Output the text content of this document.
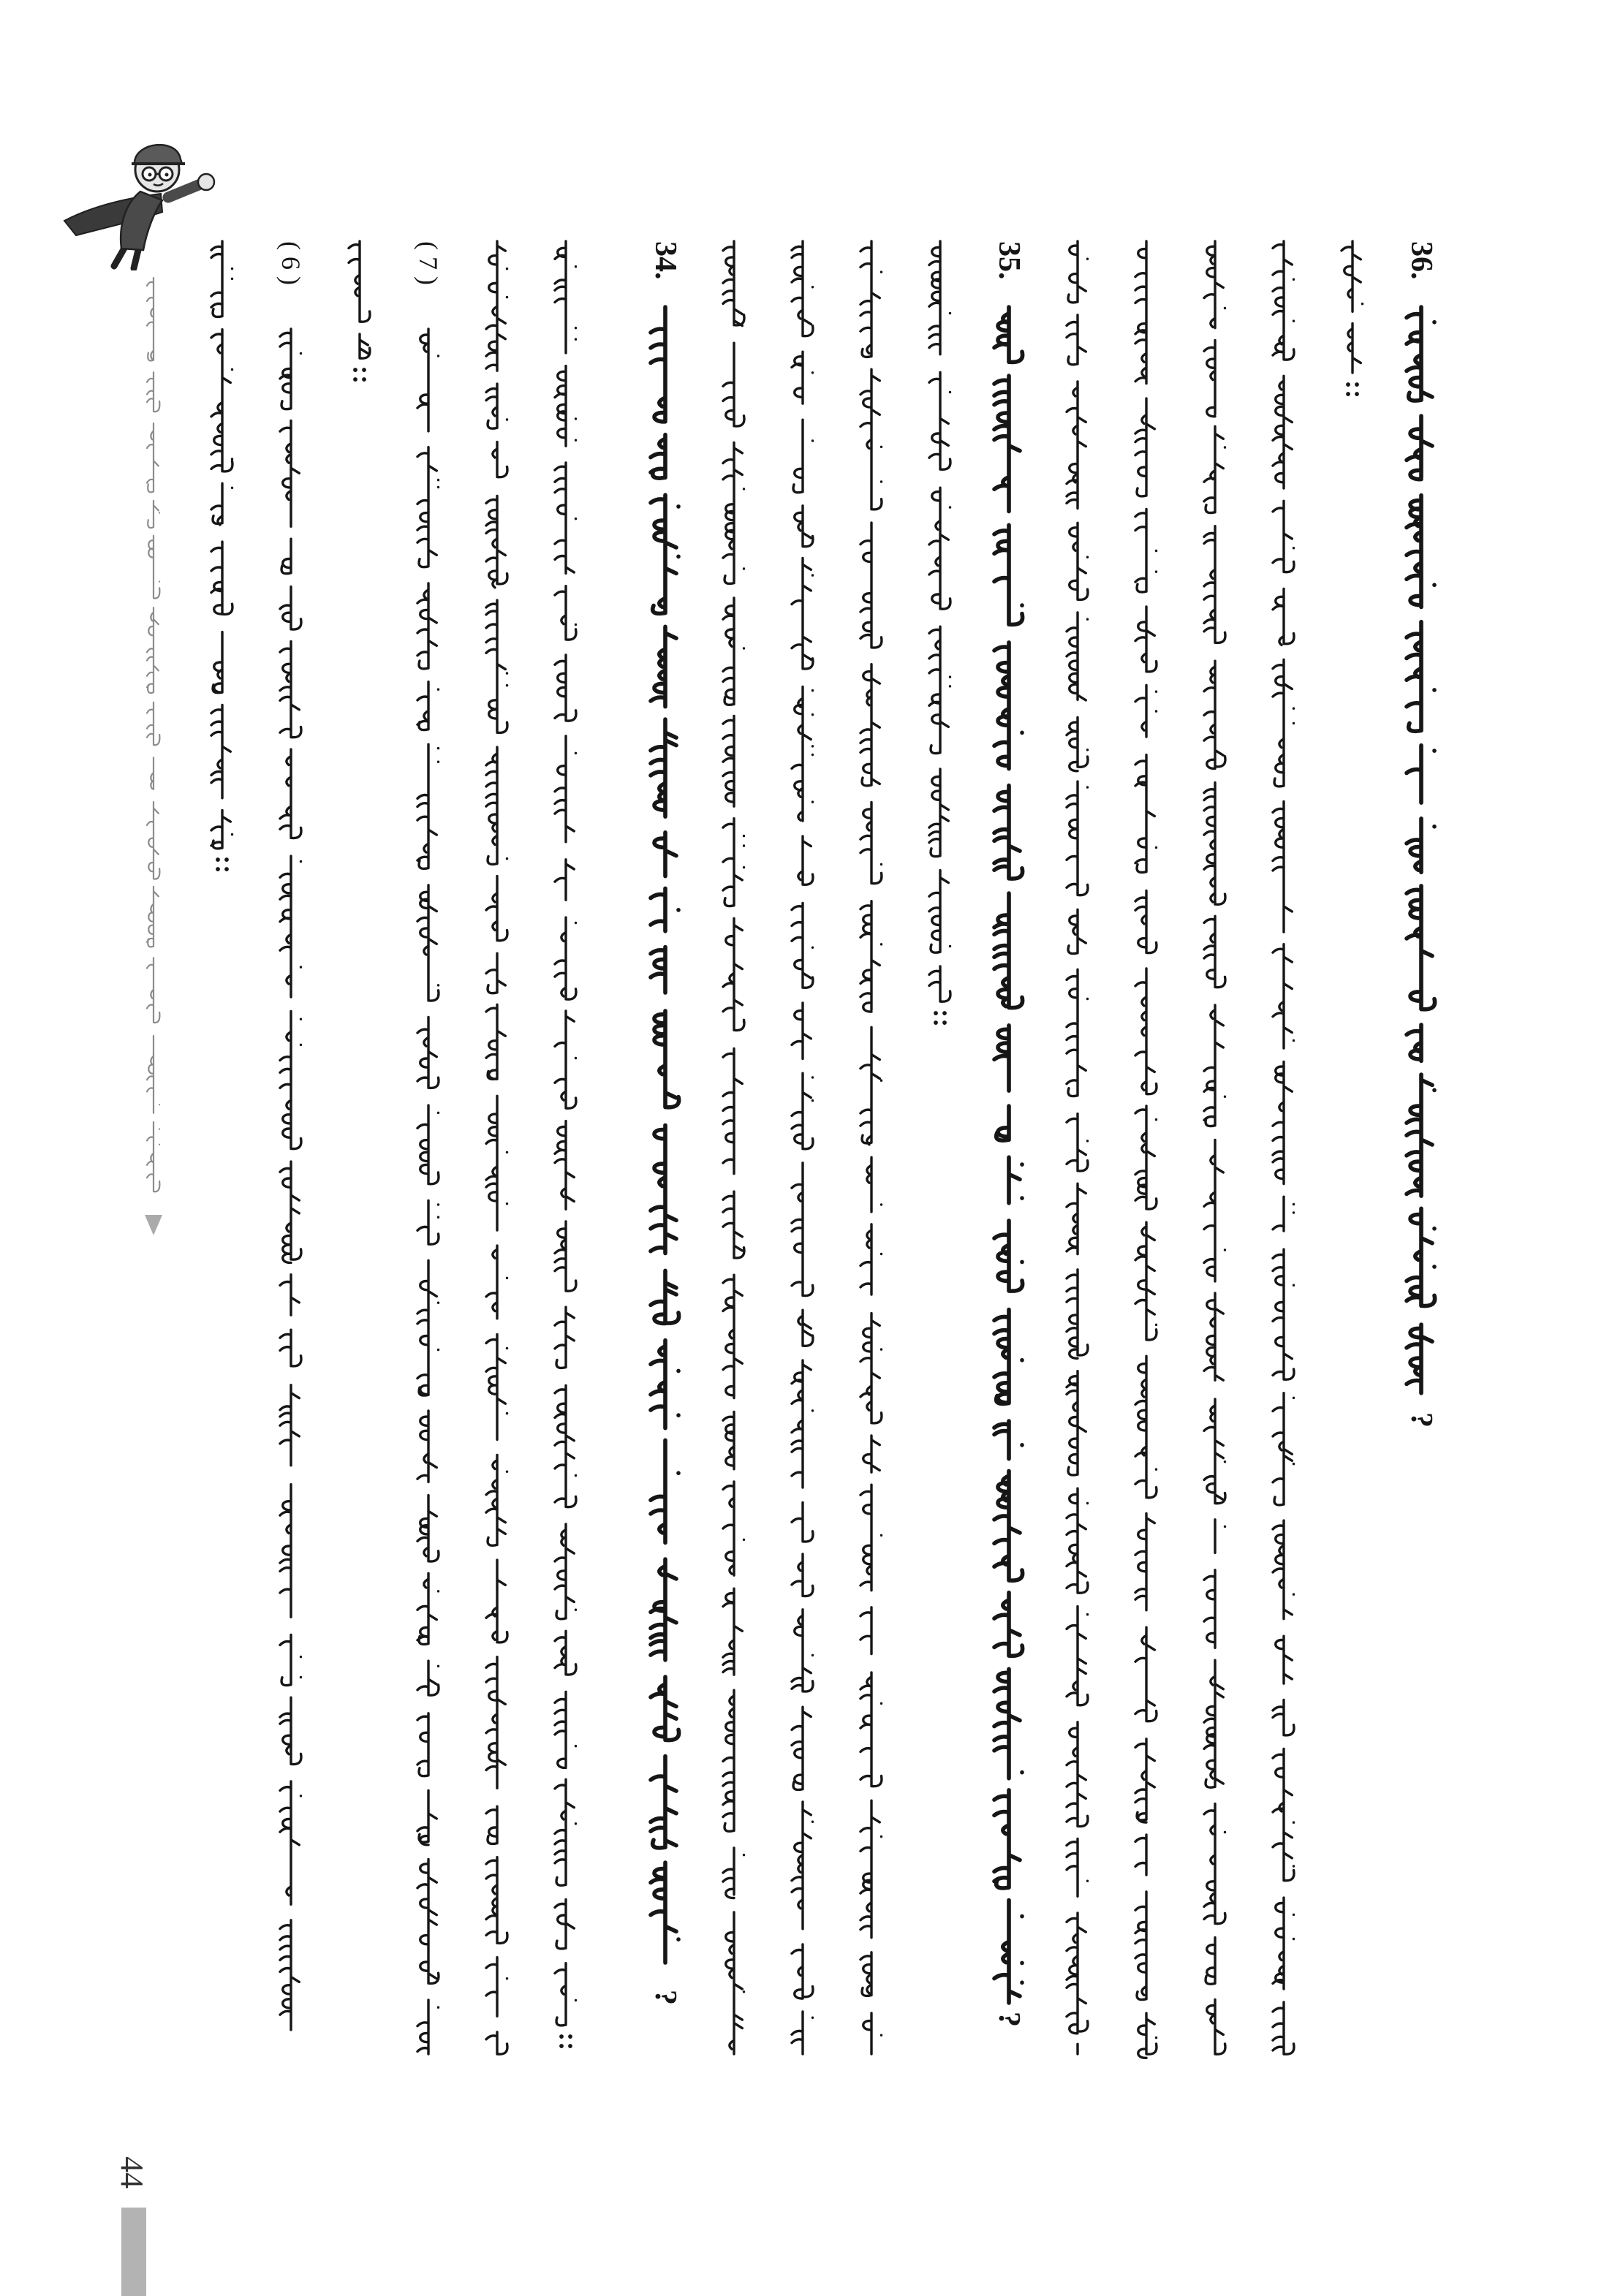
( 6 )	( 7 )	34.
?
35.
?
36.
?
44
